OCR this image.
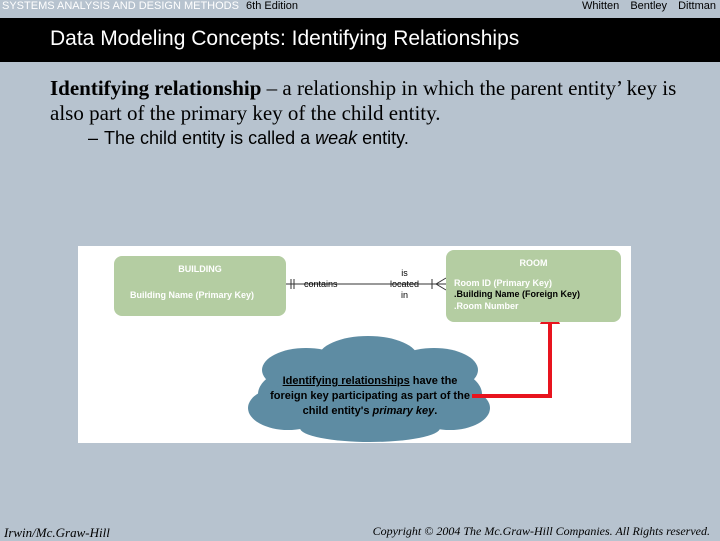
SYSTEMS ANALYSIS AND DESIGN METHODS 6th Edition	Whitten Bentley Dittman
Data Modeling Concepts: Identifying Relationships
Identifying relationship – a relationship in which the parent entity’ key is also part of the primary key of the child entity.
– The child entity is called a weak entity.
BUILDING
Building Name (Primary Key)
ROOM
Room ID (Primary Key)
.Building Name (Foreign Key)
.Room Number
contains
is
located
in
Identifying relationships have the foreign key participating as part of the child entity's primary key.
Irwin/Mc.Graw-Hill	Copyright © 2004 The Mc.Graw-Hill Companies. All Rights reserved.
